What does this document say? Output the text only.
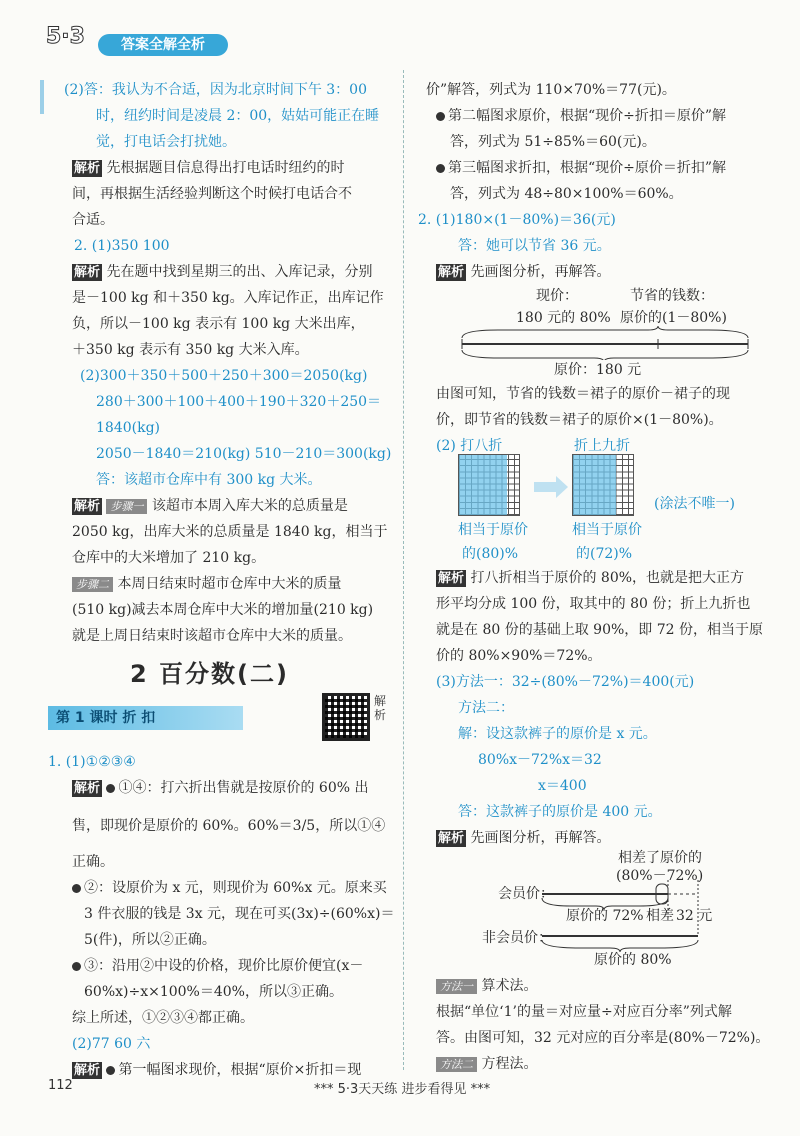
5·3	答案全解全析
(2)答：我认为不合适，因为北京时间下午 3：00
时，纽约时间是凌晨 2：00，姑姑可能正在睡
觉，打电话会打扰她。
解析 先根据题目信息得出打电话时纽约的时
间，再根据生活经验判断这个时候打电话合不
合适。
2. (1)350 100
解析 先在题中找到星期三的出、入库记录，分别
是－100 kg 和＋350 kg。入库记作正，出库记作
负，所以－100 kg 表示有 100 kg 大米出库，
＋350 kg 表示有 350 kg 大米入库。
(2)300＋350＋500＋250＋300＝2050(kg)
280＋300＋100＋400＋190＋320＋250＝
1840(kg)
2050－1840＝210(kg) 510－210＝300(kg)
答：该超市仓库中有 300 kg 大米。
解析 步骤一 该超市本周入库大米的总质量是
2050 kg，出库大米的总质量是 1840 kg，相当于
仓库中的大米增加了 210 kg。
步骤二 本周日结束时超市仓库中大米的质量
(510 kg)减去本周仓库中大米的增加量(210 kg)
就是上周日结束时该超市仓库中大米的质量。
2 百分数(二)
第 1 课时 折 扣
解析
1. (1)①②③④
解析 ①④：打六折出售就是按原价的 60% 出
售，即现价是原价的 60%。60%＝3/5，所以①④
正确。
②：设原价为 x 元，则现价为 60%x 元。原来买
3 件衣服的钱是 3x 元，现在可买(3x)÷(60%x)＝
5(件)，所以②正确。
③：沿用②中设的价格，现价比原价便宜(x－
60%x)÷x×100%＝40%，所以③正确。
综上所述，①②③④都正确。
(2)77 60 六
解析 第一幅图求现价，根据“原价×折扣＝现
价”解答，列式为 110×70%＝77(元)。
第二幅图求原价，根据“现价÷折扣＝原价”解
答，列式为 51÷85%＝60(元)。
第三幅图求折扣，根据“现价÷原价＝折扣”解
答，列式为 48÷80×100%＝60%。
2. (1)180×(1－80%)＝36(元)
答：她可以节省 36 元。
解析 先画图分析，再解答。
现价：	节省的钱数：
180 元的 80% 原价的(1－80%)
原价：180 元
由图可知，节省的钱数＝裙子的原价－裙子的现
价，即节省的钱数＝裙子的原价×(1－80%)。
(2) 打八折	折上九折
(涂法不唯一)
相当于原价
的(80)%
相当于原价
的(72)%
解析 打八折相当于原价的 80%，也就是把大正方
形平均分成 100 份，取其中的 80 份；折上九折也
就是在 80 份的基础上取 90%，即 72 份，相当于原
价的 80%×90%＝72%。
(3)方法一：32÷(80%－72%)＝400(元)
方法二：
解：设这款裤子的原价是 x 元。
80%x－72%x＝32
x＝400
答：这款裤子的原价是 400 元。
解析 先画图分析，再解答。
相差了原价的
(80%－72%)
会员价：
非会员价：
原价的 72% 相差 32 元
原价的 80%
方法一 算术法。
根据“单位‘1’的量＝对应量÷对应百分率”列式解
答。由图可知，32 元对应的百分率是(80%－72%)。
方法二 方程法。
112	*** 5·3天天练 进步看得见 ***
